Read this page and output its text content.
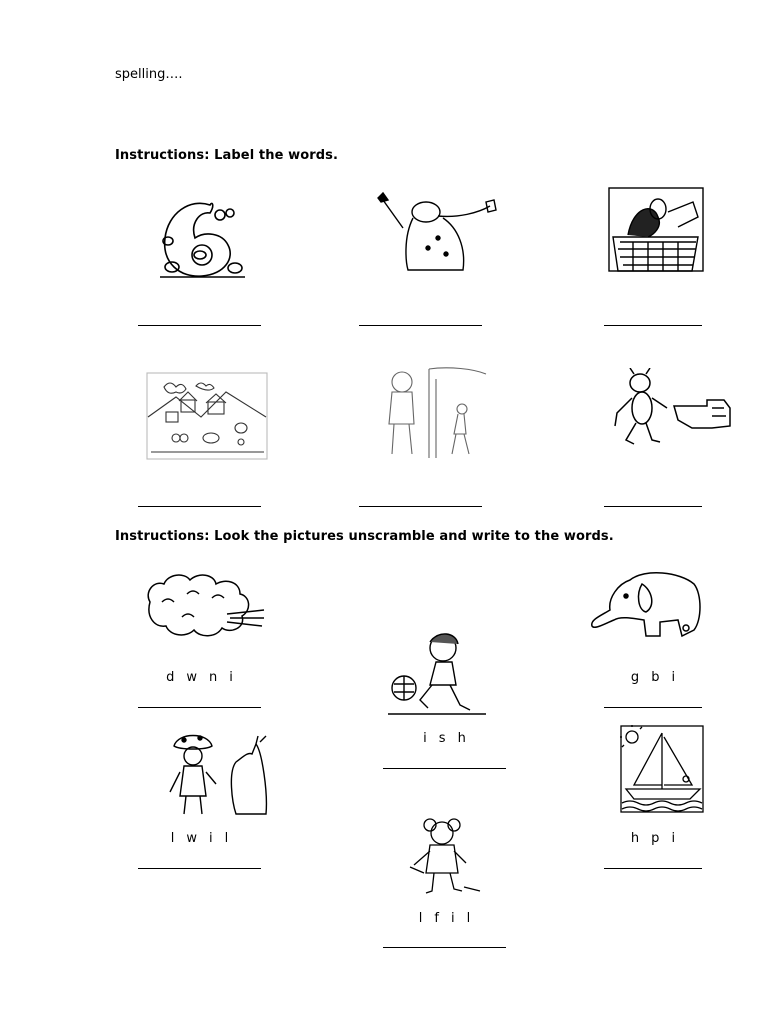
spelling….
Instructions: Label the words.
Instructions: Look the pictures unscramble and write to the words.
d w n i
i s h
g b i
l w i l	h p i
l f i l
